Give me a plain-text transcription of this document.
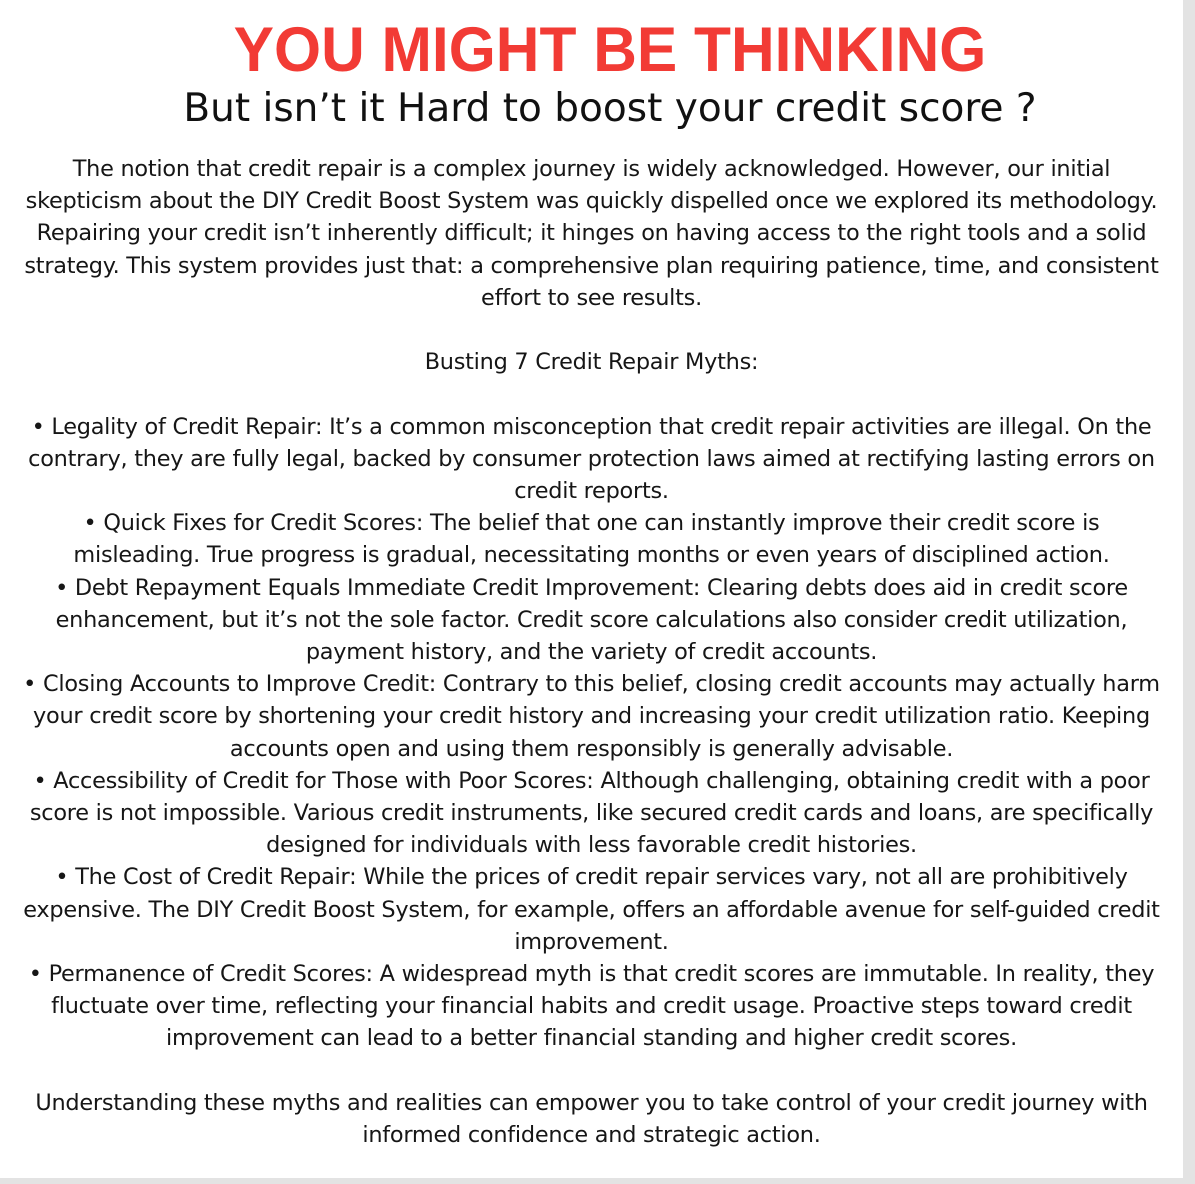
YOU MIGHT BE THINKING
But isn’t it Hard to boost your credit score ?

The notion that credit repair is a complex journey is widely acknowledged. However, our initial skepticism about the DIY Credit Boost System was quickly dispelled once we explored its methodology. Repairing your credit isn’t inherently difficult; it hinges on having access to the right tools and a solid strategy. This system provides just that: a comprehensive plan requiring patience, time, and consistent effort to see results.

Busting 7 Credit Repair Myths:

• Legality of Credit Repair: It’s a common misconception that credit repair activities are illegal. On the contrary, they are fully legal, backed by consumer protection laws aimed at rectifying lasting errors on credit reports.

• Quick Fixes for Credit Scores: The belief that one can instantly improve their credit score is misleading. True progress is gradual, necessitating months or even years of disciplined action.

• Debt Repayment Equals Immediate Credit Improvement: Clearing debts does aid in credit score enhancement, but it’s not the sole factor. Credit score calculations also consider credit utilization, payment history, and the variety of credit accounts.

• Closing Accounts to Improve Credit: Contrary to this belief, closing credit accounts may actually harm your credit score by shortening your credit history and increasing your credit utilization ratio. Keeping accounts open and using them responsibly is generally advisable.

• Accessibility of Credit for Those with Poor Scores: Although challenging, obtaining credit with a poor score is not impossible. Various credit instruments, like secured credit cards and loans, are specifically designed for individuals with less favorable credit histories.

• The Cost of Credit Repair: While the prices of credit repair services vary, not all are prohibitively expensive. The DIY Credit Boost System, for example, offers an affordable avenue for self-guided credit improvement.

• Permanence of Credit Scores: A widespread myth is that credit scores are immutable. In reality, they fluctuate over time, reflecting your financial habits and credit usage. Proactive steps toward credit improvement can lead to a better financial standing and higher credit scores.

Understanding these myths and realities can empower you to take control of your credit journey with informed confidence and strategic action.
